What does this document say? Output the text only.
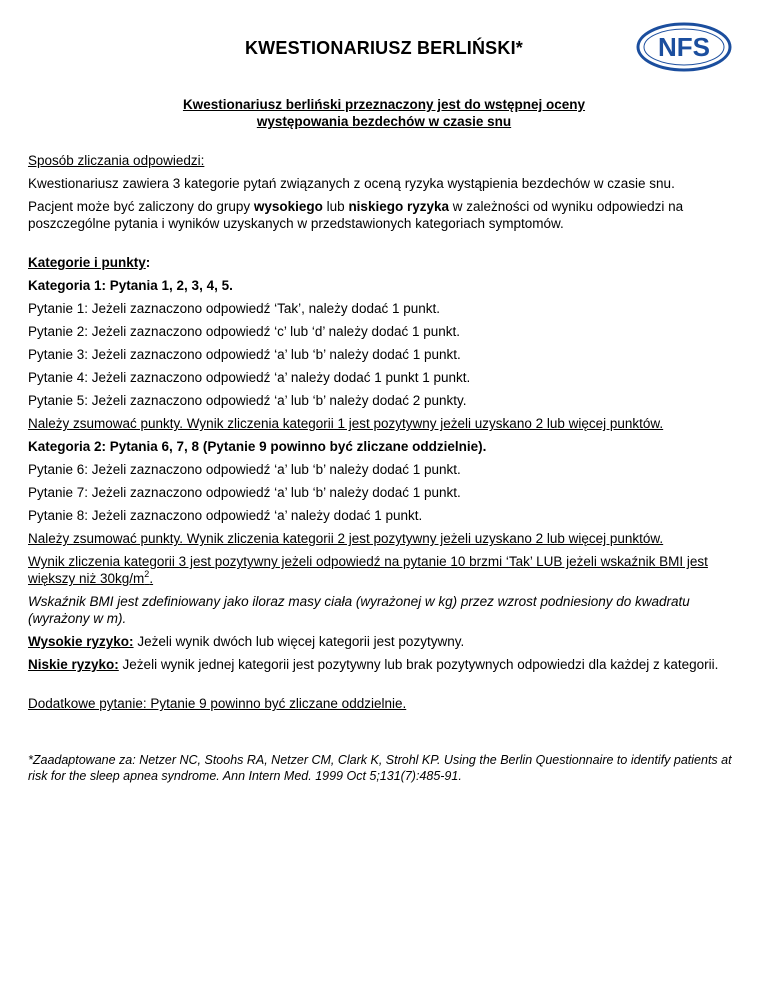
NFS
KWESTIONARIUSZ BERLIŃSKI*
Kwestionariusz berliński przeznaczony jest do wstępnej oceny
występowania bezdechów w czasie snu

Sposób zliczania odpowiedzi:

Kwestionariusz zawiera 3 kategorie pytań związanych z oceną ryzyka wystąpienia bezdechów w czasie snu.

Pacjent może być zaliczony do grupy wysokiego lub niskiego ryzyka w zależności od wyniku odpowiedzi na poszczególne pytania i wyników uzyskanych w przedstawionych kategoriach symptomów.

Kategorie i punkty:

Kategoria 1: Pytania 1, 2, 3, 4, 5.

Pytanie 1: Jeżeli zaznaczono odpowiedź ‘Tak’, należy dodać 1 punkt.

Pytanie 2: Jeżeli zaznaczono odpowiedź ‘c’ lub ‘d’ należy dodać 1 punkt.

Pytanie 3: Jeżeli zaznaczono odpowiedź ‘a’ lub ‘b’ należy dodać 1 punkt.

Pytanie 4: Jeżeli zaznaczono odpowiedź ‘a’ należy dodać 1 punkt 1 punkt.

Pytanie 5: Jeżeli zaznaczono odpowiedź ‘a’ lub ‘b’ należy dodać 2 punkty.

Należy zsumować punkty. Wynik zliczenia kategorii 1 jest pozytywny jeżeli uzyskano 2 lub więcej punktów.

Kategoria 2: Pytania 6, 7, 8 (Pytanie 9 powinno być zliczane oddzielnie).

Pytanie 6: Jeżeli zaznaczono odpowiedź ‘a’ lub ‘b’ należy dodać 1 punkt.

Pytanie 7: Jeżeli zaznaczono odpowiedź ‘a’ lub ‘b’ należy dodać 1 punkt.

Pytanie 8: Jeżeli zaznaczono odpowiedź ‘a’ należy dodać 1 punkt.

Należy zsumować punkty. Wynik zliczenia kategorii 2 jest pozytywny jeżeli uzyskano 2 lub więcej punktów.

Wynik zliczenia kategorii 3 jest pozytywny jeżeli odpowiedź na pytanie 10 brzmi ‘Tak’ LUB jeżeli wskaźnik BMI jest większy niż $30kg/m^2$.

Wskaźnik BMI jest zdefiniowany jako iloraz masy ciała (wyrażonej w kg) przez wzrost podniesiony do kwadratu (wyrażony w m).

Wysokie ryzyko: Jeżeli wynik dwóch lub więcej kategorii jest pozytywny.

Niskie ryzyko: Jeżeli wynik jednej kategorii jest pozytywny lub brak pozytywnych odpowiedzi dla każdej z kategorii.

Dodatkowe pytanie: Pytanie 9 powinno być zliczane oddzielnie.

*Zaadaptowane za: Netzer NC, Stoohs RA, Netzer CM, Clark K, Strohl KP. Using the Berlin Questionnaire to identify patients at risk for the sleep apnea syndrome. Ann Intern Med. 1999 Oct 5;131(7):485-91.
